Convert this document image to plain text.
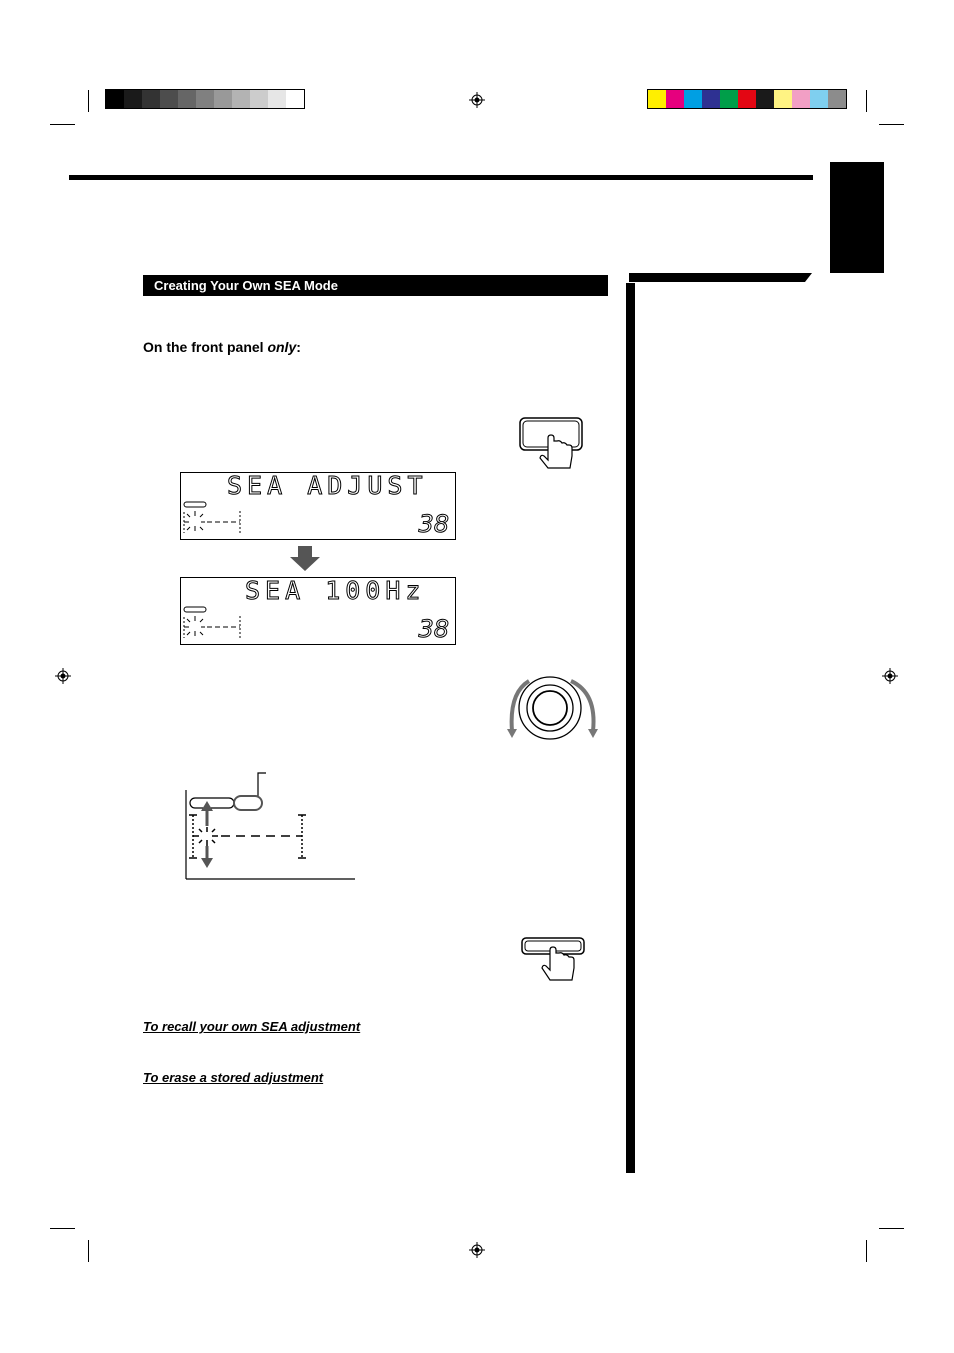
Creating Your Own SEA Mode
On the front panel only:
SEA ADJUST
38
SEA 100Hz
38
To recall your own SEA adjustment
To erase a stored adjustment
